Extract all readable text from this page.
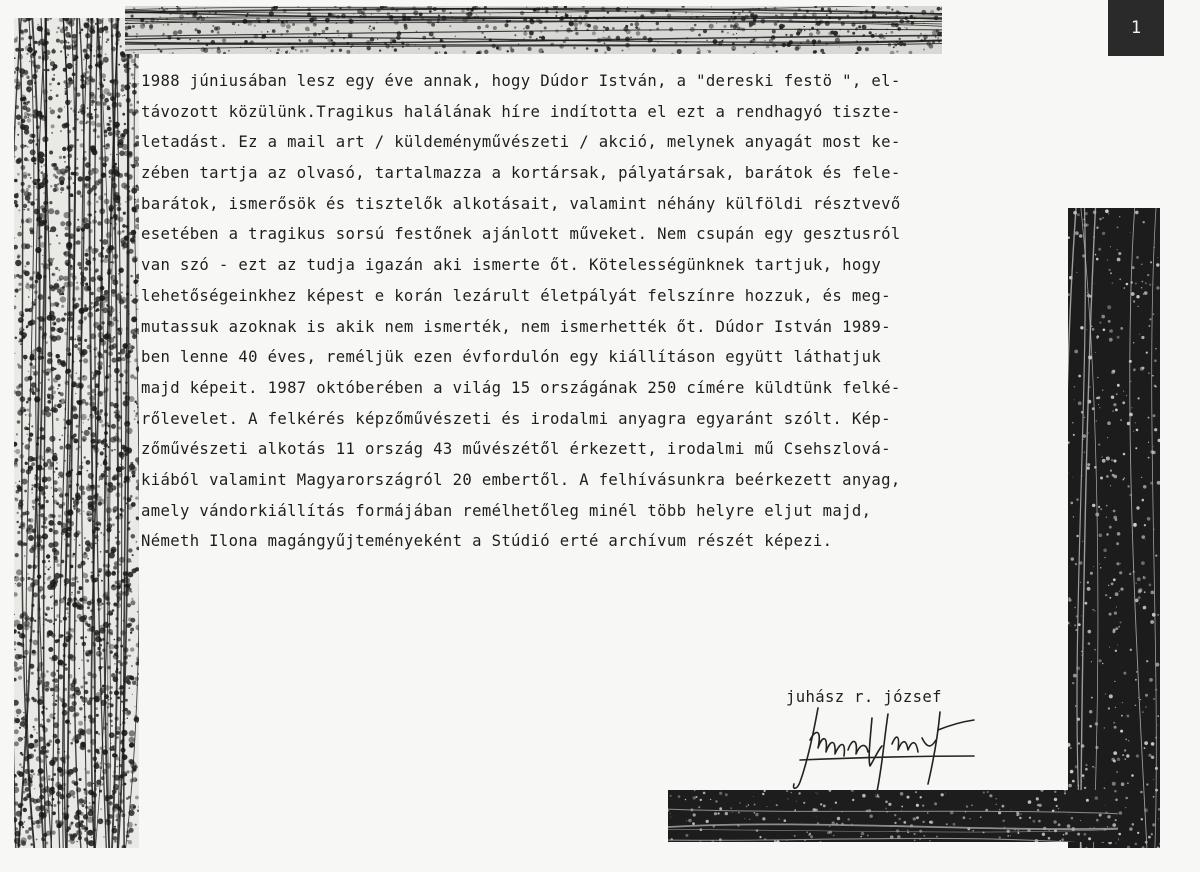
1
1988 júniusában lesz egy éve annak, hogy Dúdor István, a "dereski festö ", el-
távozott közülünk.Tragikus halálának híre indította el ezt a rendhagyó tiszte-
letadást. Ez a mail art / küldeményművészeti / akció, melynek anyagát most ke-
zében tartja az olvasó, tartalmazza a kortársak, pályatársak, barátok és fele-
barátok, ismerősök és tisztelők alkotásait, valamint néhány külföldi résztvevő
esetében a tragikus sorsú festőnek ajánlott műveket. Nem csupán egy gesztusról
van szó - ezt az tudja igazán aki ismerte őt. Kötelességünknek tartjuk, hogy
lehetőségeinkhez képest e korán lezárult életpályát felszínre hozzuk, és meg-
mutassuk azoknak is akik nem ismerték, nem ismerhették őt. Dúdor István 1989-
ben lenne 40 éves, reméljük ezen évfordulón egy kiállításon együtt láthatjuk
majd képeit. 1987 októberében a világ 15 országának 250 címére küldtünk felké-
rőlevelet. A felkérés képzőművészeti és irodalmi anyagra egyaránt szólt. Kép-
zőművészeti alkotás 11 ország 43 művészétől érkezett, irodalmi mű Csehszlová-
kiából valamint Magyarországról 20 embertől. A felhívásunkra beérkezett anyag,
amely vándorkiállítás formájában remélhetőleg minél több helyre eljut majd,
Németh Ilona magángyűjteményeként a Stúdió erté archívum részét képezi.
juhász r. józsef
